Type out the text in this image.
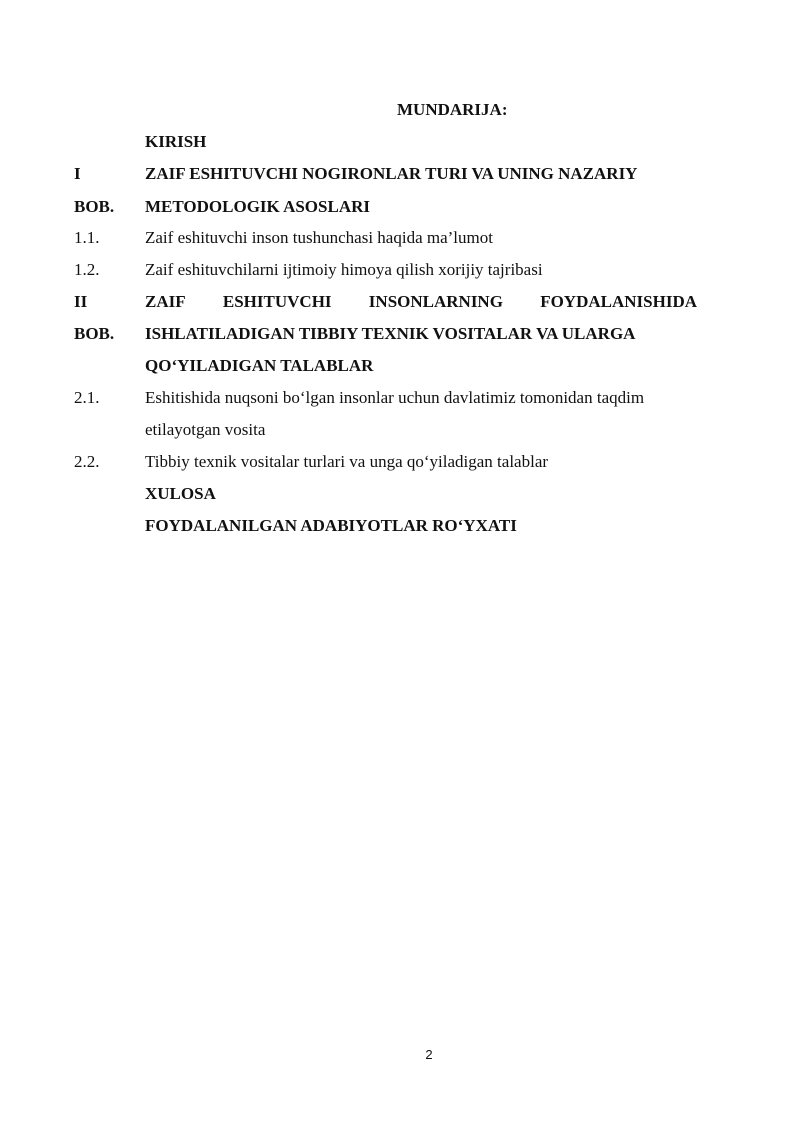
MUNDARIJA:
KIRISH
I	ZAIF ESHITUVCHI NOGIRONLAR TURI VA UNING NAZARIY
BOB. METODOLOGIK ASOSLARI
1.1.	Zaif eshituvchi inson tushunchasi haqida ma’lumot
1.2.	Zaif eshituvchilarni ijtimoiy himoya qilish xorijiy tajribasi
II	ZAIF ESHITUVCHI INSONLARNING FOYDALANISHIDA
BOB. ISHLATILADIGAN TIBBIY TEXNIK VOSITALAR VA ULARGA
QO‘YILADIGAN TALABLAR
2.1.	Eshitishida nuqsoni bo‘lgan insonlar uchun davlatimiz tomonidan taqdim
etilayotgan vosita
2.2.	Tibbiy texnik vositalar turlari va unga qo‘yiladigan talablar
XULOSA
FOYDALANILGAN ADABIYOTLAR RO‘YXATI
2
